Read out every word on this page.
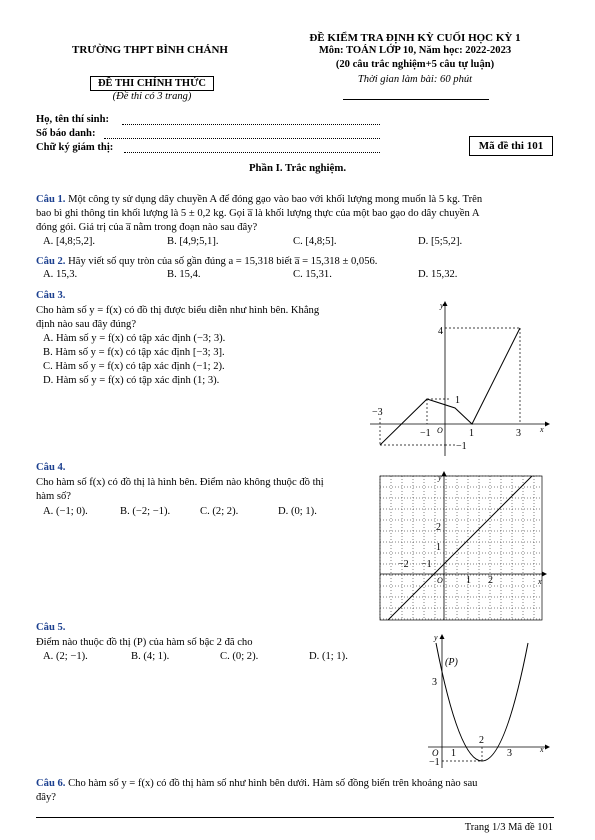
TRƯỜNG THPT BÌNH CHÁNH
ĐỀ THI CHÍNH THỨC
(Đề thi có 3 trang)
ĐỀ KIỂM TRA ĐỊNH KỲ CUỐI HỌC KỲ 1
Môn: TOÁN LỚP 10, Năm học: 2022-2023
(20 câu trắc nghiệm+5 câu tự luận)
Thời gian làm bài: 60 phút
Họ, tên thí sinh:
Số báo danh:
Chữ ký giám thị:	Mã đề thi 101
Phần I. Trắc nghiệm.
Câu 1. Một công ty sử dụng dây chuyền A để đóng gạo vào bao với khối lượng mong muốn là 5 kg. Trên
bao bì ghi thông tin khối lượng là 5 ± 0,2 kg. Gọi a̅ là khối lượng thực của một bao gạo do dây chuyền A
đóng gói. Giá trị của a̅ nằm trong đoạn nào sau đây?
A. [4,8;5,2].	B. [4,9;5,1].	C. [4,8;5].	D. [5;5,2].
Câu 2. Hãy viết số quy tròn của số gần đúng a = 15,318 biết a̅ = 15,318 ± 0,056.
A. 15,3.	B. 15,4.	C. 15,31.	D. 15,32.
Câu 3.
Cho hàm số y = f(x) có đồ thị được biểu diễn như hình bên. Khẳng
định nào sau đây đúng?
A. Hàm số y = f(x) có tập xác định (−3; 3).
B. Hàm số y = f(x) có tập xác định [−3; 3].
C. Hàm số y = f(x) có tập xác định (−1; 2).
D. Hàm số y = f(x) có tập xác định (1; 3).
y
x
4
1
−1
−3
−1 O	1	3
Câu 4.
Cho hàm số f(x) có đồ thị là hình bên. Điểm nào không thuộc đồ thị
hàm số?
A. (−1; 0).	B. (−2; −1).	C. (2; 2).	D. (0; 1).
y
x
2
1
−2 −1
O 1 2
Câu 5.
Điểm nào thuộc đồ thị (P) của hàm số bậc 2 đã cho
A. (2; −1).	B. (4; 1).	C. (0; 2).	D. (1; 1).
y
x
(P)
3
−1
O 1
2
3
Câu 6. Cho hàm số y = f(x) có đồ thị hàm số như hình bên dưới. Hàm số đồng biến trên khoảng nào sau
đây?
Trang 1/3 Mã đề 101
